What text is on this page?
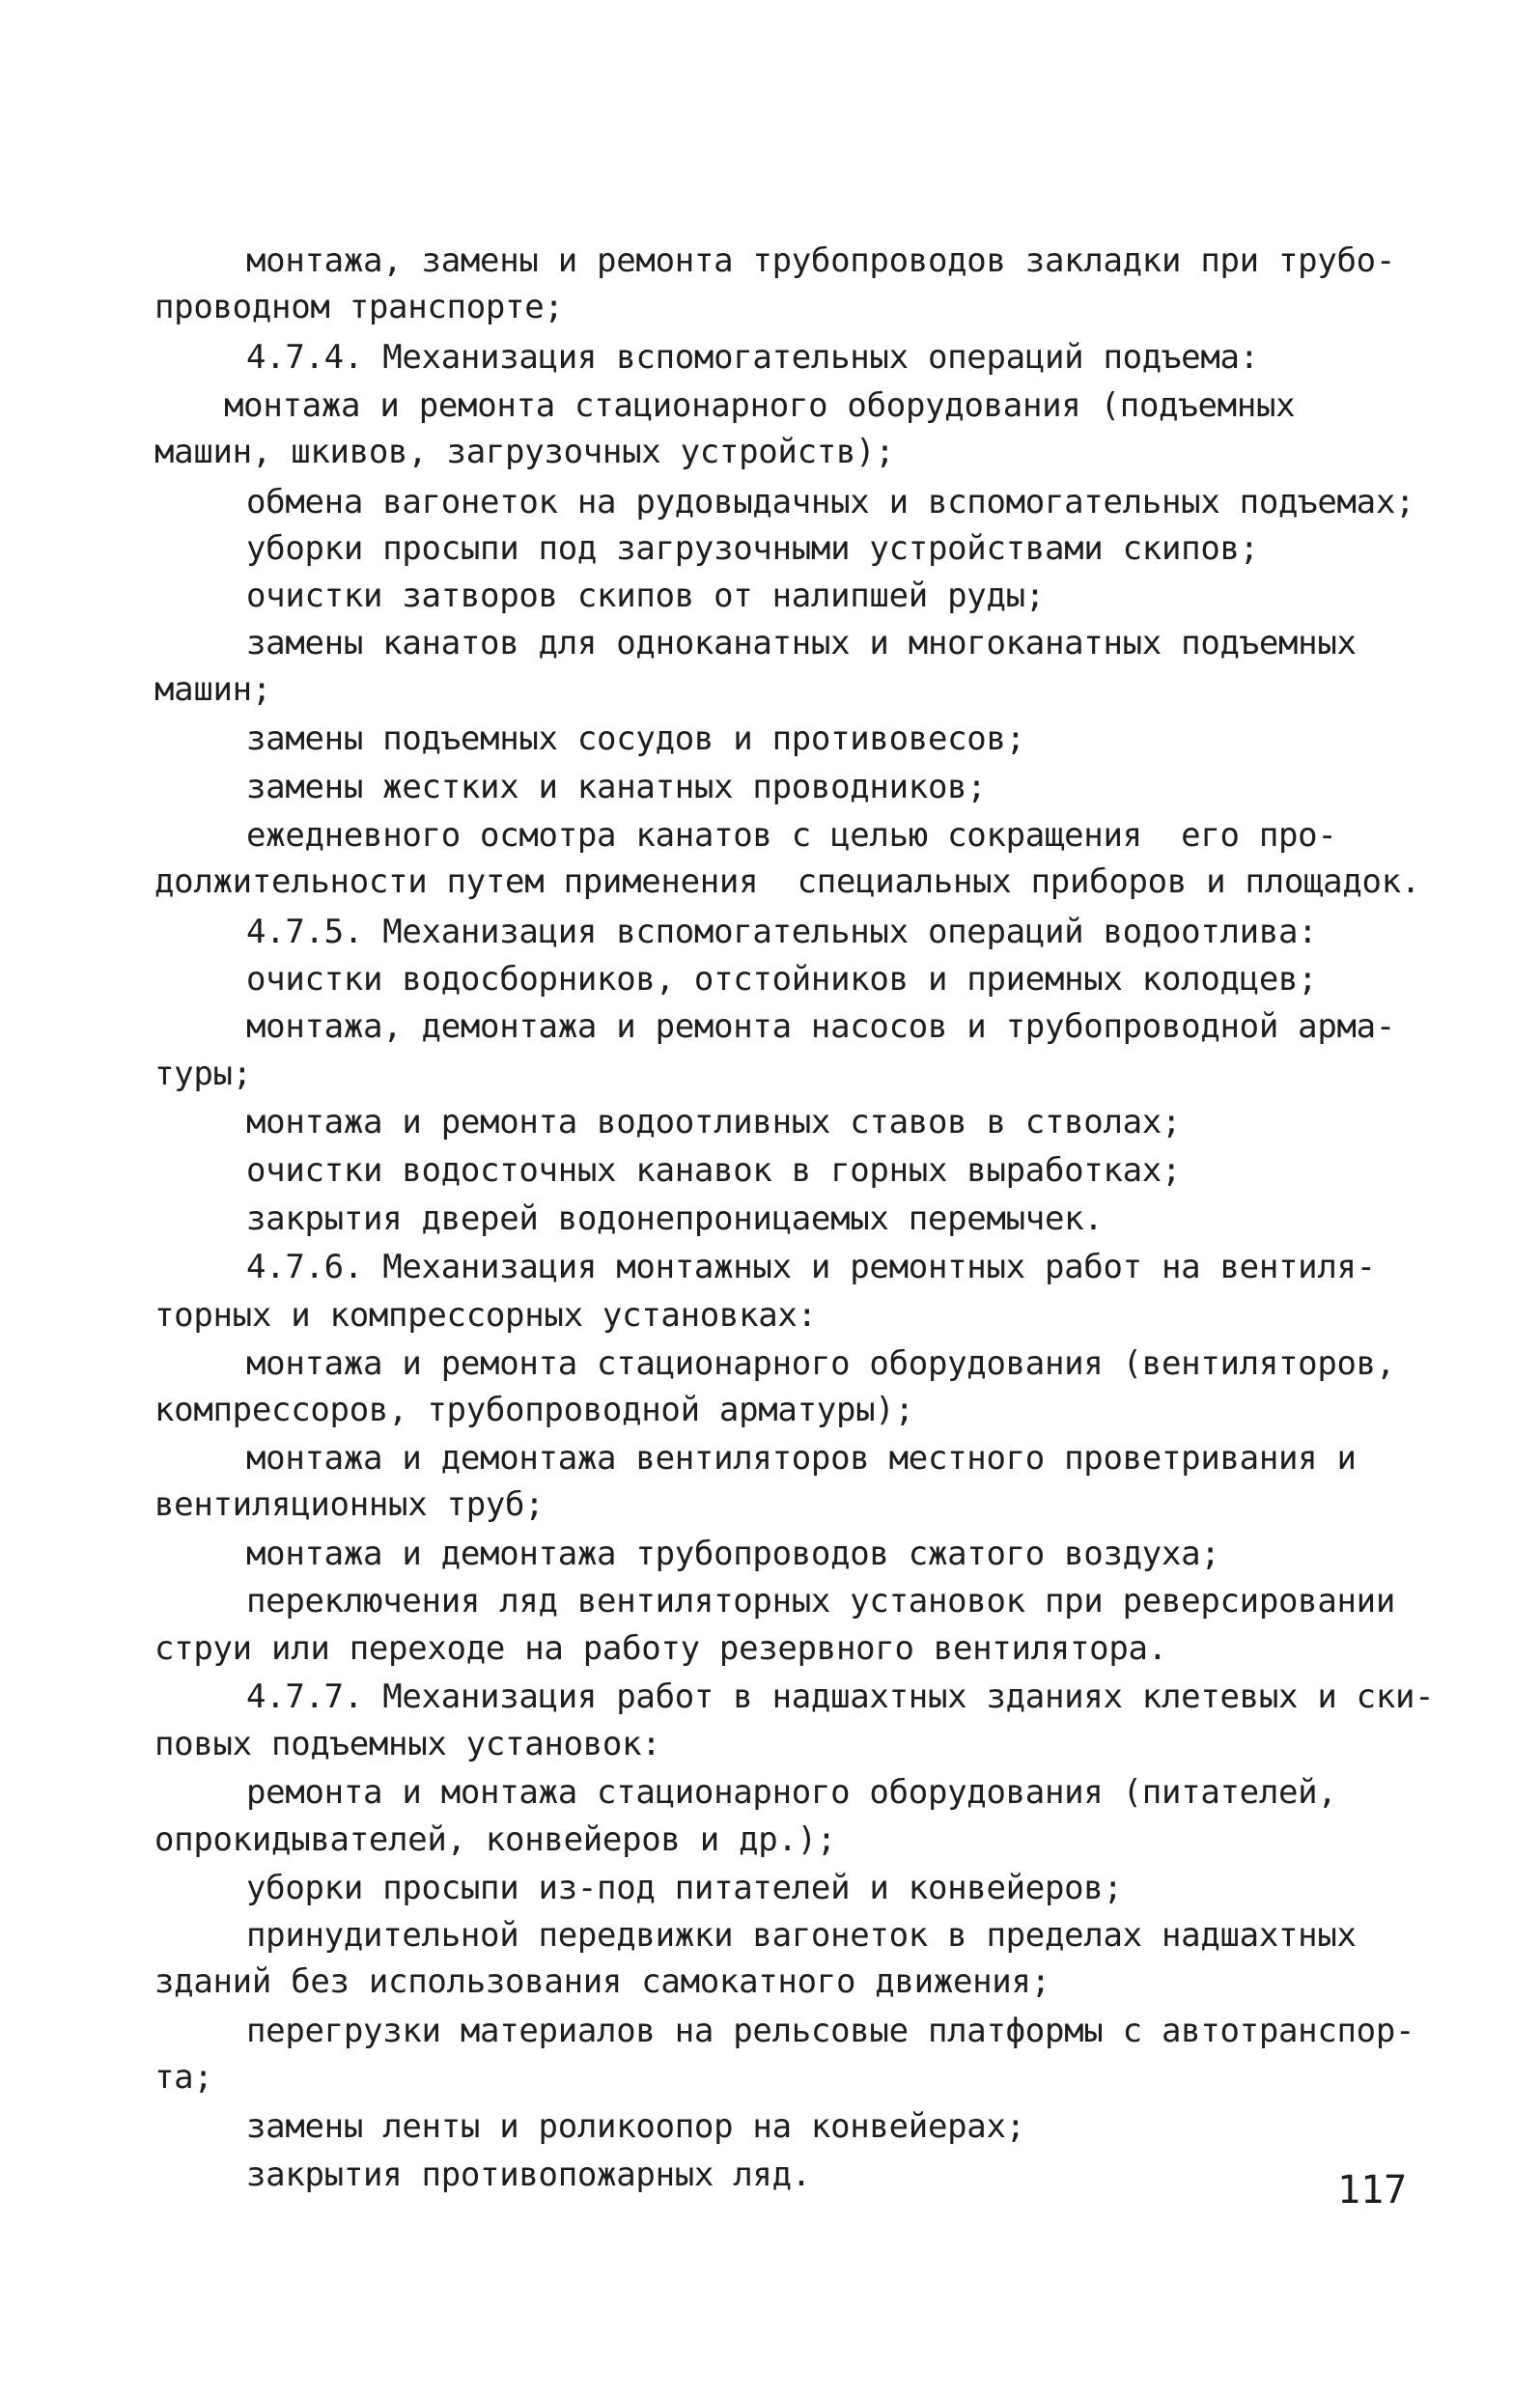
монтажа, замены и ремонта трубопроводов закладки при трубо-
проводном транспорте;
4.7.4. Механизация вспомогательных операций подъема:
монтажа и ремонта стационарного оборудования (подъемных
машин, шкивов, загрузочных устройств);
обмена вагонеток на рудовыдачных и вспомогательных подъемах;
уборки просыпи под загрузочными устройствами скипов;
очистки затворов скипов от налипшей руды;
замены канатов для одноканатных и многоканатных подъемных
машин;
замены подъемных сосудов и противовесов;
замены жестких и канатных проводников;
ежедневного осмотра канатов с целью сокращения  его про-
должительности путем применения  специальных приборов и площадок.
4.7.5. Механизация вспомогательных операций водоотлива:
очистки водосборников, отстойников и приемных колодцев;
монтажа, демонтажа и ремонта насосов и трубопроводной арма-
туры;
монтажа и ремонта водоотливных ставов в стволах;
очистки водосточных канавок в горных выработках;
закрытия дверей водонепроницаемых перемычек.
4.7.6. Механизация монтажных и ремонтных работ на вентиля-
торных и компрессорных установках:
монтажа и ремонта стационарного оборудования (вентиляторов,
компрессоров, трубопроводной арматуры);
монтажа и демонтажа вентиляторов местного проветривания и
вентиляционных труб;
монтажа и демонтажа трубопроводов сжатого воздуха;
переключения ляд вентиляторных установок при реверсировании
струи или переходе на работу резервного вентилятора.
4.7.7. Механизация работ в надшахтных зданиях клетевых и ски-
повых подъемных установок:
ремонта и монтажа стационарного оборудования (питателей,
опрокидывателей, конвейеров и др.);
уборки просыпи из-под питателей и конвейеров;
принудительной передвижки вагонеток в пределах надшахтных
зданий без использования самокатного движения;
перегрузки материалов на рельсовые платформы с автотранспор-
та;
замены ленты и роликоопор на конвейерах;
закрытия противопожарных ляд.	117
